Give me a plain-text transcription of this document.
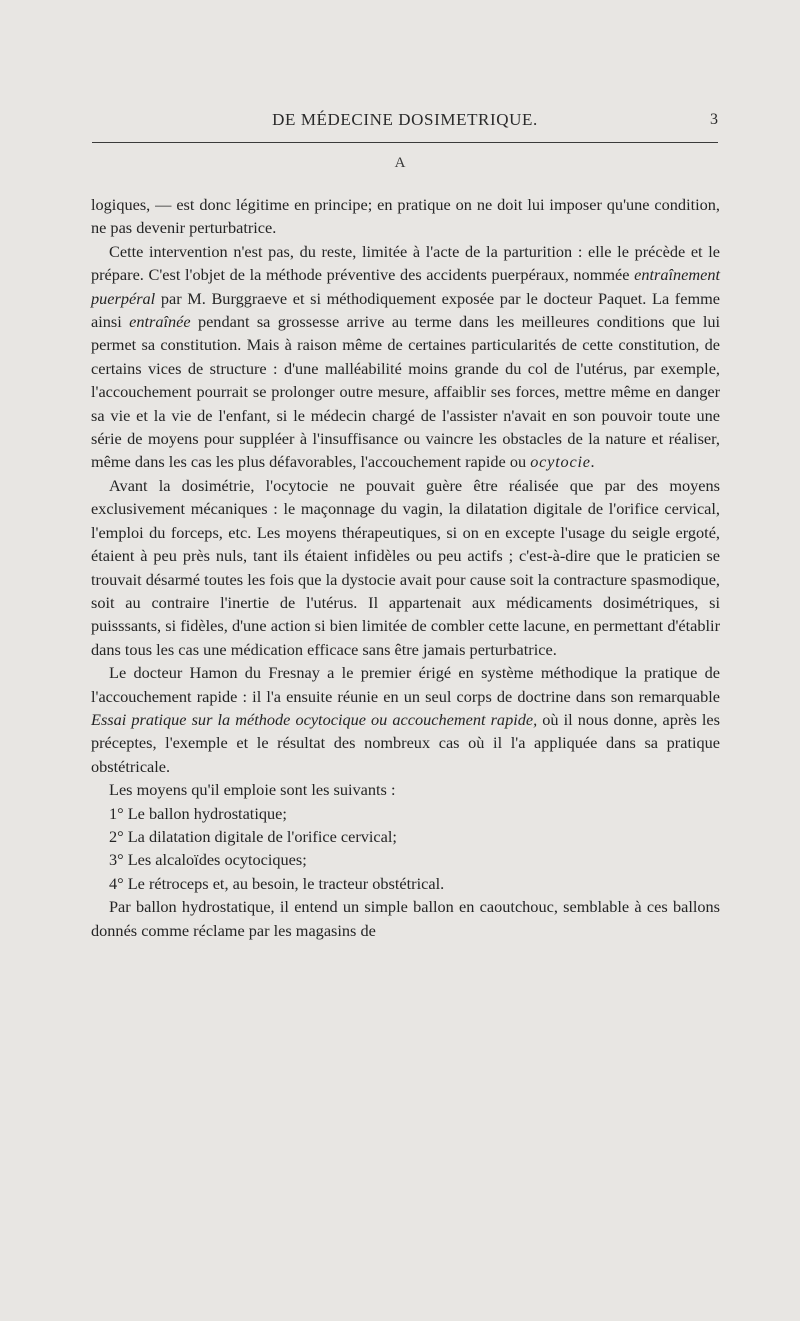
DE MÉDECINE DOSIMETRIQUE.	3
A

logiques, — est donc légitime en principe; en pratique on ne doit lui imposer qu'une condition, ne pas devenir perturbatrice.

Cette intervention n'est pas, du reste, limitée à l'acte de la parturition : elle le précède et le prépare. C'est l'objet de la méthode préventive des accidents puerpéraux, nommée entraînement puerpéral par M. Burggraeve et si méthodiquement exposée par le docteur Paquet. La femme ainsi entraînée pendant sa grossesse arrive au terme dans les meilleures conditions que lui permet sa constitution. Mais à raison même de certaines particularités de cette constitution, de certains vices de structure : d'une malléabilité moins grande du col de l'utérus, par exemple, l'accouchement pourrait se prolonger outre mesure, affaiblir ses forces, mettre même en danger sa vie et la vie de l'enfant, si le médecin chargé de l'assister n'avait en son pouvoir toute une série de moyens pour suppléer à l'insuffisance ou vaincre les obstacles de la nature et réaliser, même dans les cas les plus défavorables, l'accouchement rapide ou ocytocie.

Avant la dosimétrie, l'ocytocie ne pouvait guère être réalisée que par des moyens exclusivement mécaniques : le maçonnage du vagin, la dilatation digitale de l'orifice cervical, l'emploi du forceps, etc. Les moyens thérapeutiques, si on en excepte l'usage du seigle ergoté, étaient à peu près nuls, tant ils étaient infidèles ou peu actifs ; c'est-à-dire que le praticien se trouvait désarmé toutes les fois que la dystocie avait pour cause soit la contracture spasmodique, soit au contraire l'inertie de l'utérus. Il appartenait aux médicaments dosimétriques, si puisssants, si fidèles, d'une action si bien limitée de combler cette lacune, en permettant d'établir dans tous les cas une médication efficace sans être jamais perturbatrice.

Le docteur Hamon du Fresnay a le premier érigé en système méthodique la pratique de l'accouchement rapide : il l'a ensuite réunie en un seul corps de doctrine dans son remarquable Essai pratique sur la méthode ocytocique ou accouchement rapide, où il nous donne, après les préceptes, l'exemple et le résultat des nombreux cas où il l'a appliquée dans sa pratique obstétricale.

Les moyens qu'il emploie sont les suivants :

1° Le ballon hydrostatique;

2° La dilatation digitale de l'orifice cervical;

3° Les alcaloïdes ocytociques;

4° Le rétroceps et, au besoin, le tracteur obstétrical.

Par ballon hydrostatique, il entend un simple ballon en caoutchouc, semblable à ces ballons donnés comme réclame par les magasins de
